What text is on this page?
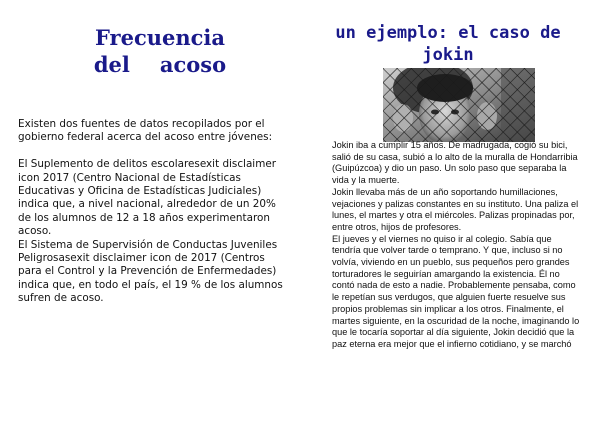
Frecuencia
del acoso

Existen dos fuentes de datos recopilados por el gobierno federal acerca del acoso entre jóvenes:

El Suplemento de delitos escolaresexit disclaimer icon 2017 (Centro Nacional de Estadísticas Educativas y Oficina de Estadísticas Judiciales) indica que, a nivel nacional, alrededor de un 20% de los alumnos de 12 a 18 años experimentaron acoso.

El Sistema de Supervisión de Conductas Juveniles Peligrosasexit disclaimer icon de 2017 (Centros para el Control y la Prevención de Enfermedades) indica que, en todo el país, el 19 % de los alumnos sufren de acoso.

un ejemplo: el caso de
jokin

Jokin iba a cumplir 15 años. De madrugada, cogió su bici, salió de su casa, subió a lo alto de la muralla de Hondarribia (Guipúzcoa) y dio un paso. Un solo paso que separaba la vida y la muerte.

Jokin llevaba más de un año soportando humillaciones, vejaciones y palizas constantes en su instituto. Una paliza el lunes, el martes y otra el miércoles. Palizas propinadas por, entre otros, hijos de profesores.

El jueves y el viernes no quiso ir al colegio. Sabía que tendría que volver tarde o temprano. Y que, incluso si no volvía, viviendo en un pueblo, sus pequeños pero grandes torturadores le seguirían amargando la existencia. Él no contó nada de esto a nadie. Probablemente pensaba, como le repetían sus verdugos, que alguien fuerte resuelve sus propios problemas sin implicar a los otros. Finalmente, el martes siguiente, en la oscuridad de la noche, imaginando lo que le tocaría soportar al día siguiente, Jokin decidió que la paz eterna era mejor que el infierno cotidiano, y se marchó
